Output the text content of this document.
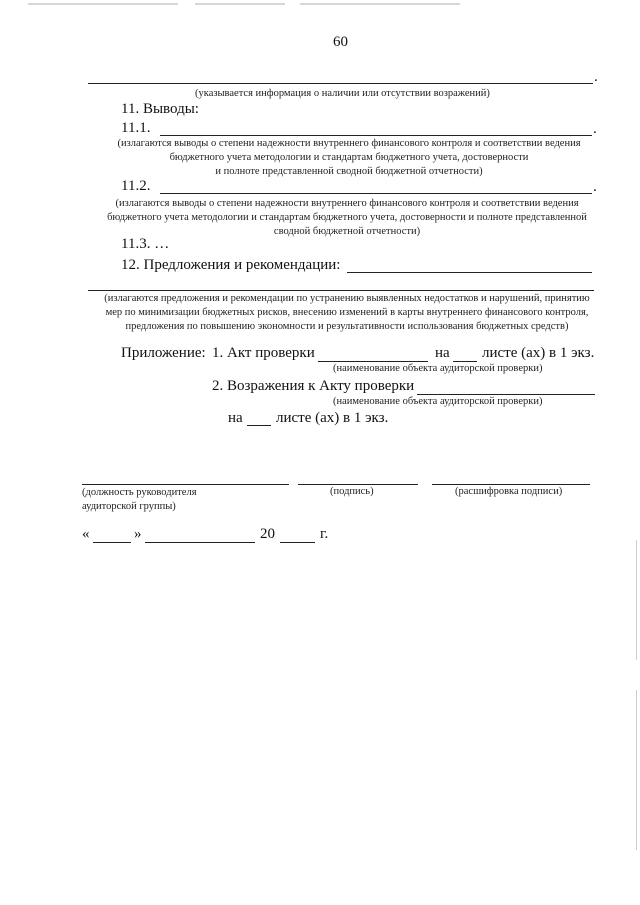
60
.
(указывается информация о наличии или отсутствии возражений)
11. Выводы:
11.1.	.
(излагаются выводы о степени надежности внутреннего финансового контроля и соответствии ведения
бюджетного учета методологии и стандартам бюджетного учета, достоверности
и полноте представленной сводной бюджетной отчетности)
11.2.	.
(излагаются выводы о степени надежности внутреннего финансового контроля и соответствии ведения
бюджетного учета методологии и стандартам бюджетного учета, достоверности и полноте представленной
сводной бюджетной отчетности)
11.3. …
12. Предложения и рекомендации:
(излагаются предложения и рекомендации по устранению выявленных недостатков и нарушений, принятию
мер по минимизации бюджетных рисков, внесению изменений в карты внутреннего финансового контроля,
предложения по повышению экономности и результативности использования бюджетных средств)
Приложение: 1. Акт проверки	на листе (ах) в 1 экз.
(наименование объекта аудиторской проверки)
2. Возражения к Акту проверки
(наименование объекта аудиторской проверки)
на листе (ах) в 1 экз.
(должность руководителя
аудиторской группы)
(подпись)	(расшифровка подписи)
«	»	20	г.
